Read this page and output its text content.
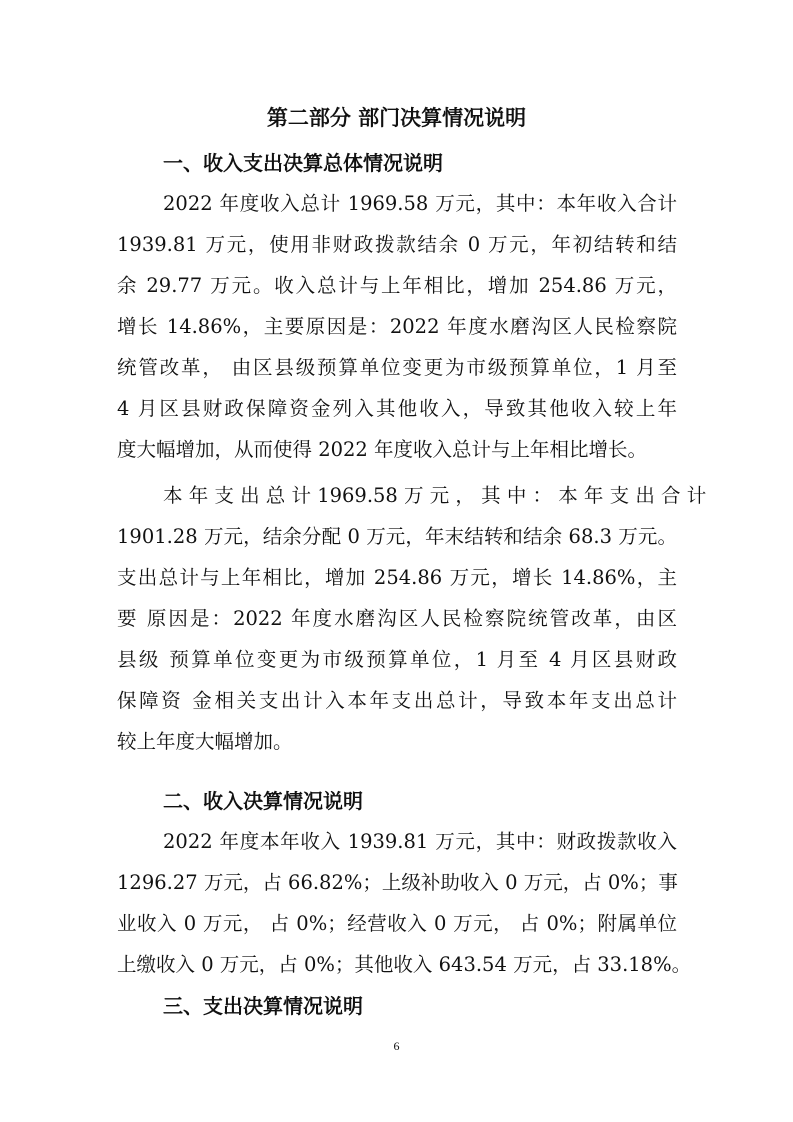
第二部分 部门决算情况说明
一、收入支出决算总体情况说明

2022 年度收入总计 1969.58 万元，其中：本年收入合计

1939.81 万元，使用非财政拨款结余 0 万元，年初结转和结

余 29.77 万元。收入总计与上年相比，增加 254.86 万元，

增长 14.86%，主要原因是：2022 年度水磨沟区人民检察院

统管改革， 由区县级预算单位变更为市级预算单位，1 月至

4 月区县财政保障资金列入其他收入，导致其他收入较上年

度大幅增加，从而使得 2022 年度收入总计与上年相比增长。

本 年 支 出 总 计 1969.58 万 元 ， 其 中 ： 本 年 支 出 合 计

1901.28 万元，结余分配 0 万元，年末结转和结余 68.3 万元。

支出总计与上年相比，增加 254.86 万元，增长 14.86%，主

要 原因是：2022 年度水磨沟区人民检察院统管改革，由区

县级 预算单位变更为市级预算单位，1 月至 4 月区县财政

保障资 金相关支出计入本年支出总计，导致本年支出总计

较上年度大幅增加。

二、收入决算情况说明

2022 年度本年收入 1939.81 万元，其中：财政拨款收入

1296.27 万元，占 66.82%；上级补助收入 0 万元，占 0%；事

业收入 0 万元， 占 0%；经营收入 0 万元， 占 0%；附属单位

上缴收入 0 万元，占 0%；其他收入 643.54 万元，占 33.18%。

三、支出决算情况说明
6
